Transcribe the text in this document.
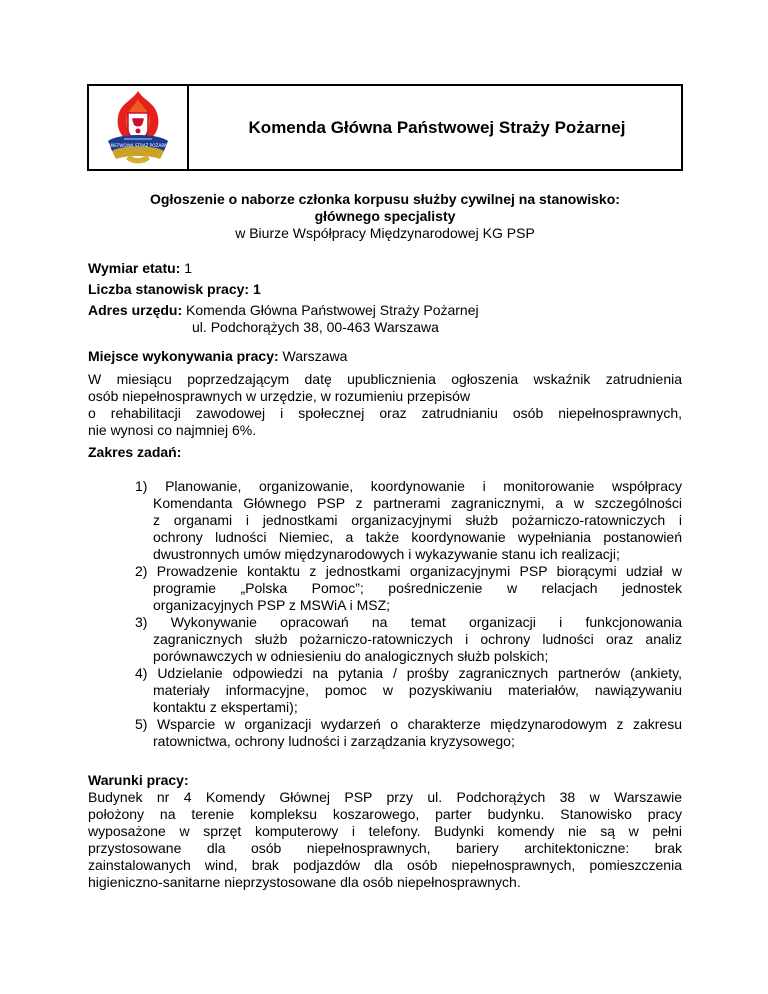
PAŃSTWOWA STRAŻ POŻARNA
Komenda Główna Państwowej Straży Pożarnej
Ogłoszenie o naborze członka korpusu służby cywilnej na stanowisko:
głównego specjalisty
w Biurze Współpracy Międzynarodowej KG PSP
Wymiar etatu: 1
Liczba stanowisk pracy: 1
Adres urzędu: Komenda Główna Państwowej Straży Pożarnej
ul. Podchorążych 38, 00-463 Warszawa
Miejsce wykonywania pracy: Warszawa
W miesiącu poprzedzającym datę upublicznienia ogłoszenia wskaźnik zatrudnienia
osób niepełnosprawnych w urzędzie, w rozumieniu przepisów
o rehabilitacji zawodowej i społecznej oraz zatrudnianiu osób niepełnosprawnych,
nie wynosi co najmniej 6%.
Zakres zadań:
1) Planowanie, organizowanie, koordynowanie i monitorowanie współpracy
Komendanta Głównego PSP z partnerami zagranicznymi, a w szczególności
z organami i jednostkami organizacyjnymi służb pożarniczo-ratowniczych i
ochrony ludności Niemiec, a także koordynowanie wypełniania postanowień
dwustronnych umów międzynarodowych i wykazywanie stanu ich realizacji;
2) Prowadzenie kontaktu z jednostkami organizacyjnymi PSP biorącymi udział w
programie „Polska Pomoc”; pośredniczenie w relacjach jednostek
organizacyjnych PSP z MSWiA i MSZ;
3) Wykonywanie opracowań na temat organizacji i funkcjonowania
zagranicznych służb pożarniczo-ratowniczych i ochrony ludności oraz analiz
porównawczych w odniesieniu do analogicznych służb polskich;
4) Udzielanie odpowiedzi na pytania / prośby zagranicznych partnerów (ankiety,
materiały informacyjne, pomoc w pozyskiwaniu materiałów, nawiązywaniu
kontaktu z ekspertami);
5) Wsparcie w organizacji wydarzeń o charakterze międzynarodowym z zakresu
ratownictwa, ochrony ludności i zarządzania kryzysowego;
Warunki pracy:
Budynek nr 4 Komendy Głównej PSP przy ul. Podchorążych 38 w Warszawie
położony na terenie kompleksu koszarowego, parter budynku. Stanowisko pracy
wyposażone w sprzęt komputerowy i telefony. Budynki komendy nie są w pełni
przystosowane dla osób niepełnosprawnych, bariery architektoniczne: brak
zainstalowanych wind, brak podjazdów dla osób niepełnosprawnych, pomieszczenia
higieniczno-sanitarne nieprzystosowane dla osób niepełnosprawnych.
